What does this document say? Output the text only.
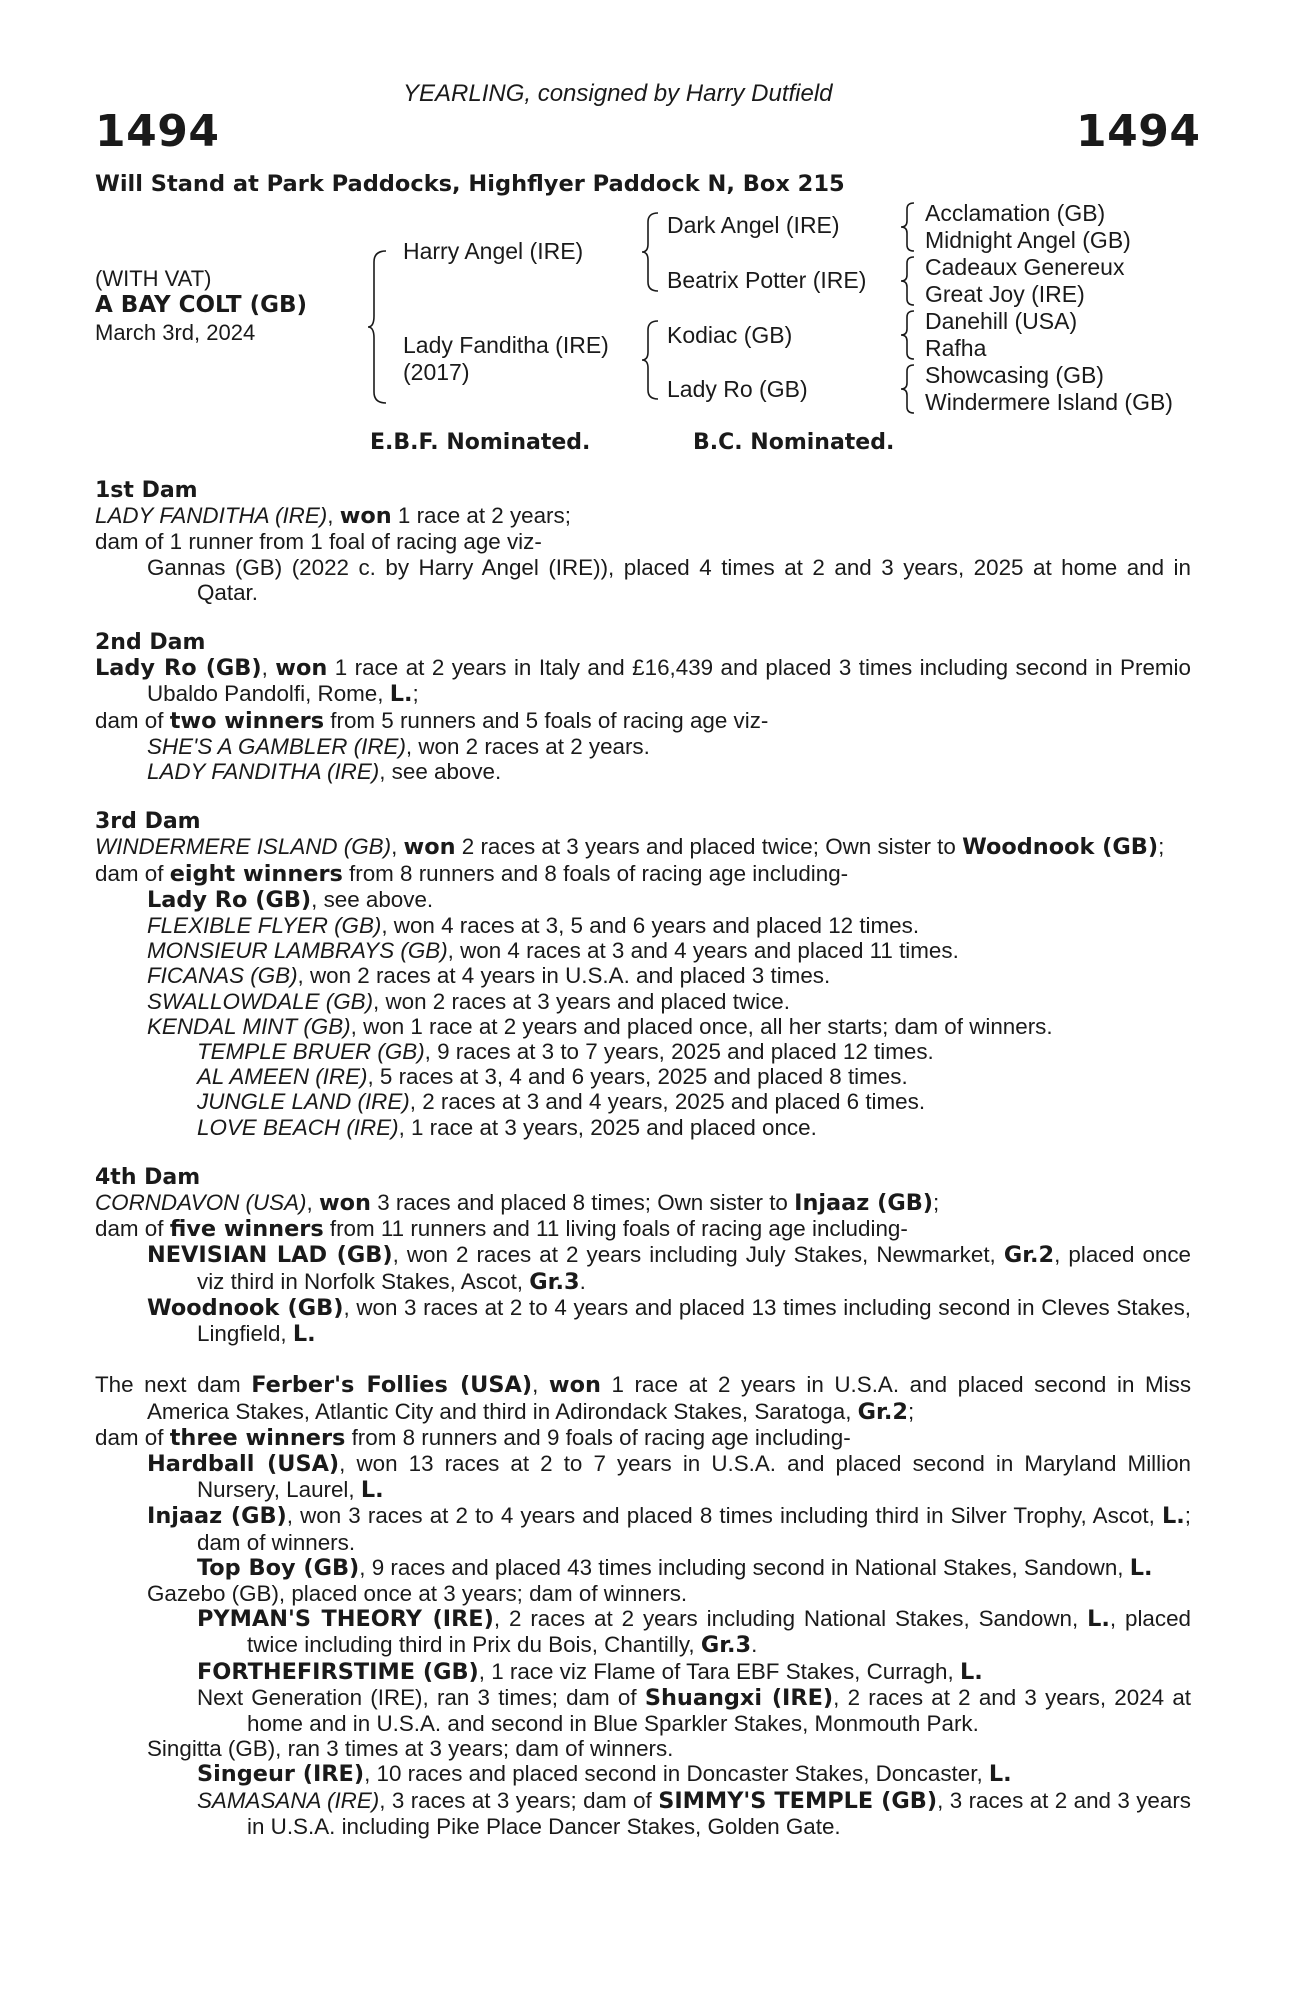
YEARLING, consigned by Harry Dutfield
1494	1494
Will Stand at Park Paddocks, Highflyer Paddock N, Box 215
(WITH VAT)
A BAY COLT (GB)
March 3rd, 2024
Harry Angel (IRE)
Lady Fanditha (IRE)
(2017)
Dark Angel (IRE)
Beatrix Potter (IRE)
Kodiac (GB)
Lady Ro (GB)
Acclamation (GB)
Midnight Angel (GB)
Cadeaux Genereux
Great Joy (IRE)
Danehill (USA)
Rafha
Showcasing (GB)
Windermere Island (GB)
E.B.F. Nominated.	B.C. Nominated.
1st Dam
LADY FANDITHA (IRE), won 1 race at 2 years;
dam of 1 runner from 1 foal of racing age viz-
Gannas (GB) (2022 c. by Harry Angel (IRE)), placed 4 times at 2 and 3 years, 2025 at home and in Qatar.
2nd Dam
Lady Ro (GB), won 1 race at 2 years in Italy and £16,439 and placed 3 times including second in Premio Ubaldo Pandolfi, Rome, L.;
dam of two winners from 5 runners and 5 foals of racing age viz-
SHE'S A GAMBLER (IRE), won 2 races at 2 years.
LADY FANDITHA (IRE), see above.
3rd Dam
WINDERMERE ISLAND (GB), won 2 races at 3 years and placed twice; Own sister to Woodnook (GB);
dam of eight winners from 8 runners and 8 foals of racing age including-
Lady Ro (GB), see above.
FLEXIBLE FLYER (GB), won 4 races at 3, 5 and 6 years and placed 12 times.
MONSIEUR LAMBRAYS (GB), won 4 races at 3 and 4 years and placed 11 times.
FICANAS (GB), won 2 races at 4 years in U.S.A. and placed 3 times.
SWALLOWDALE (GB), won 2 races at 3 years and placed twice.
KENDAL MINT (GB), won 1 race at 2 years and placed once, all her starts; dam of winners.
TEMPLE BRUER (GB), 9 races at 3 to 7 years, 2025 and placed 12 times.
AL AMEEN (IRE), 5 races at 3, 4 and 6 years, 2025 and placed 8 times.
JUNGLE LAND (IRE), 2 races at 3 and 4 years, 2025 and placed 6 times.
LOVE BEACH (IRE), 1 race at 3 years, 2025 and placed once.
4th Dam
CORNDAVON (USA), won 3 races and placed 8 times; Own sister to Injaaz (GB);
dam of five winners from 11 runners and 11 living foals of racing age including-
NEVISIAN LAD (GB), won 2 races at 2 years including July Stakes, Newmarket, Gr.2, placed once viz third in Norfolk Stakes, Ascot, Gr.3.
Woodnook (GB), won 3 races at 2 to 4 years and placed 13 times including second in Cleves Stakes, Lingfield, L.
The next dam Ferber's Follies (USA), won 1 race at 2 years in U.S.A. and placed second in Miss America Stakes, Atlantic City and third in Adirondack Stakes, Saratoga, Gr.2;
dam of three winners from 8 runners and 9 foals of racing age including-
Hardball (USA), won 13 races at 2 to 7 years in U.S.A. and placed second in Maryland Million Nursery, Laurel, L.
Injaaz (GB), won 3 races at 2 to 4 years and placed 8 times including third in Silver Trophy, Ascot, L.; dam of winners.
Top Boy (GB), 9 races and placed 43 times including second in National Stakes, Sandown, L.
Gazebo (GB), placed once at 3 years; dam of winners.
PYMAN'S THEORY (IRE), 2 races at 2 years including National Stakes, Sandown, L., placed twice including third in Prix du Bois, Chantilly, Gr.3.
FORTHEFIRSTIME (GB), 1 race viz Flame of Tara EBF Stakes, Curragh, L.
Next Generation (IRE), ran 3 times; dam of Shuangxi (IRE), 2 races at 2 and 3 years, 2024 at home and in U.S.A. and second in Blue Sparkler Stakes, Monmouth Park.
Singitta (GB), ran 3 times at 3 years; dam of winners.
Singeur (IRE), 10 races and placed second in Doncaster Stakes, Doncaster, L.
SAMASANA (IRE), 3 races at 3 years; dam of SIMMY'S TEMPLE (GB), 3 races at 2 and 3 years in U.S.A. including Pike Place Dancer Stakes, Golden Gate.
